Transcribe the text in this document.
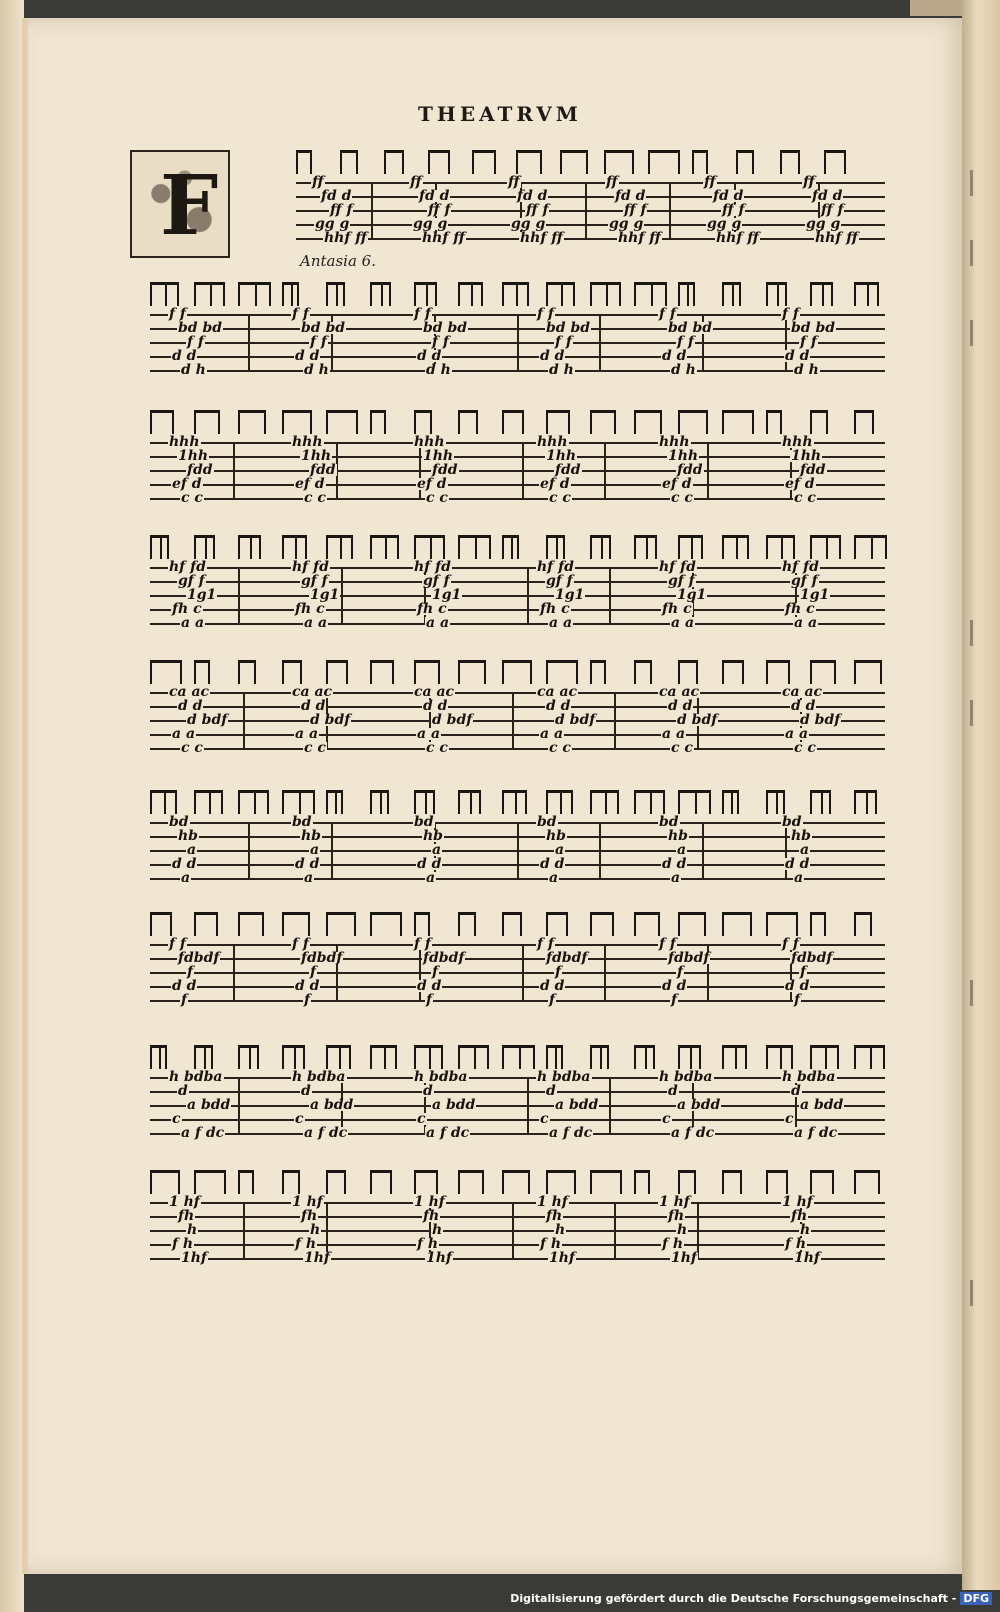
THEATRVM
F
Antasia 6.
ff	ff	ff	ff	ff	ff
fd d	fd d	fd d	fd d	fd d	fd d
ff f	ff f	ff f	ff f	ff f	ff f
gg g	gg g	gg g	gg g	gg g	gg g
hhf ff	hhf ff	hhf ff	hhf ff	hhf ff	hhf ff
f f	f f	f f	f f	f f	f f
bd bd	bd bd	bd bd	bd bd	bd bd	bd bd
f f	f f	f f	f f	f f	f f
d d	d d	d d	d d	d d	d d
d h	d h	d h	d h	d h	d h
hhh	hhh	hhh	hhh	hhh	hhh
1hh	1hh	1hh	1hh	1hh	1hh
fdd	fdd	fdd	fdd	fdd	fdd
ef d	ef d	ef d	ef d	ef d	ef d
c c	c c	c c	c c	c c	c c
hf fd	hf fd	hf fd	hf fd	hf fd	hf fd
gf f	gf f	gf f	gf f	gf f	gf f
1g1	1g1	1g1	1g1	1g1	1g1
fh c	fh c	fh c	fh c	fh c	fh c
a a	a a	a a	a a	a a	a a
ca ac	ca ac	ca ac	ca ac	ca ac	ca ac
d d	d d	d d	d d	d d	d d
d bdf	d bdf	d bdf	d bdf	d bdf	d bdf
a a	a a	a a	a a	a a	a a
c c	c c	c c	c c	c c	c c
bd	bd	bd	bd	bd	bd
hb	hb	hb	hb	hb	hb
a	a	a	a	a	a
d d	d d	d d	d d	d d	d d
a	a	a	a	a	a
f f	f f	f f	f f	f f	f f
fdbdf	fdbdf	fdbdf	fdbdf	fdbdf	fdbdf
f	f	f	f	f	f
d d	d d	d d	d d	d d	d d
f	f	f	f	f	f
h bdba	h bdba	h bdba	h bdba	h bdba	h bdba
d	d	d	d	d	d
a bdd	a bdd	a bdd	a bdd	a bdd	a bdd
c	c	c	c	c	c
a f dc	a f dc	a f dc	a f dc	a f dc	a f dc
1 hf	1 hf	1 hf	1 hf	1 hf	1 hf
fh	fh	fh	fh	fh	fh
h	h	h	h	h	h
f h	f h	f h	f h	f h	f h
1hf	1hf	1hf	1hf	1hf	1hf
Digitalisierung gefördert durch die Deutsche Forschungsgemeinschaft - DFG
